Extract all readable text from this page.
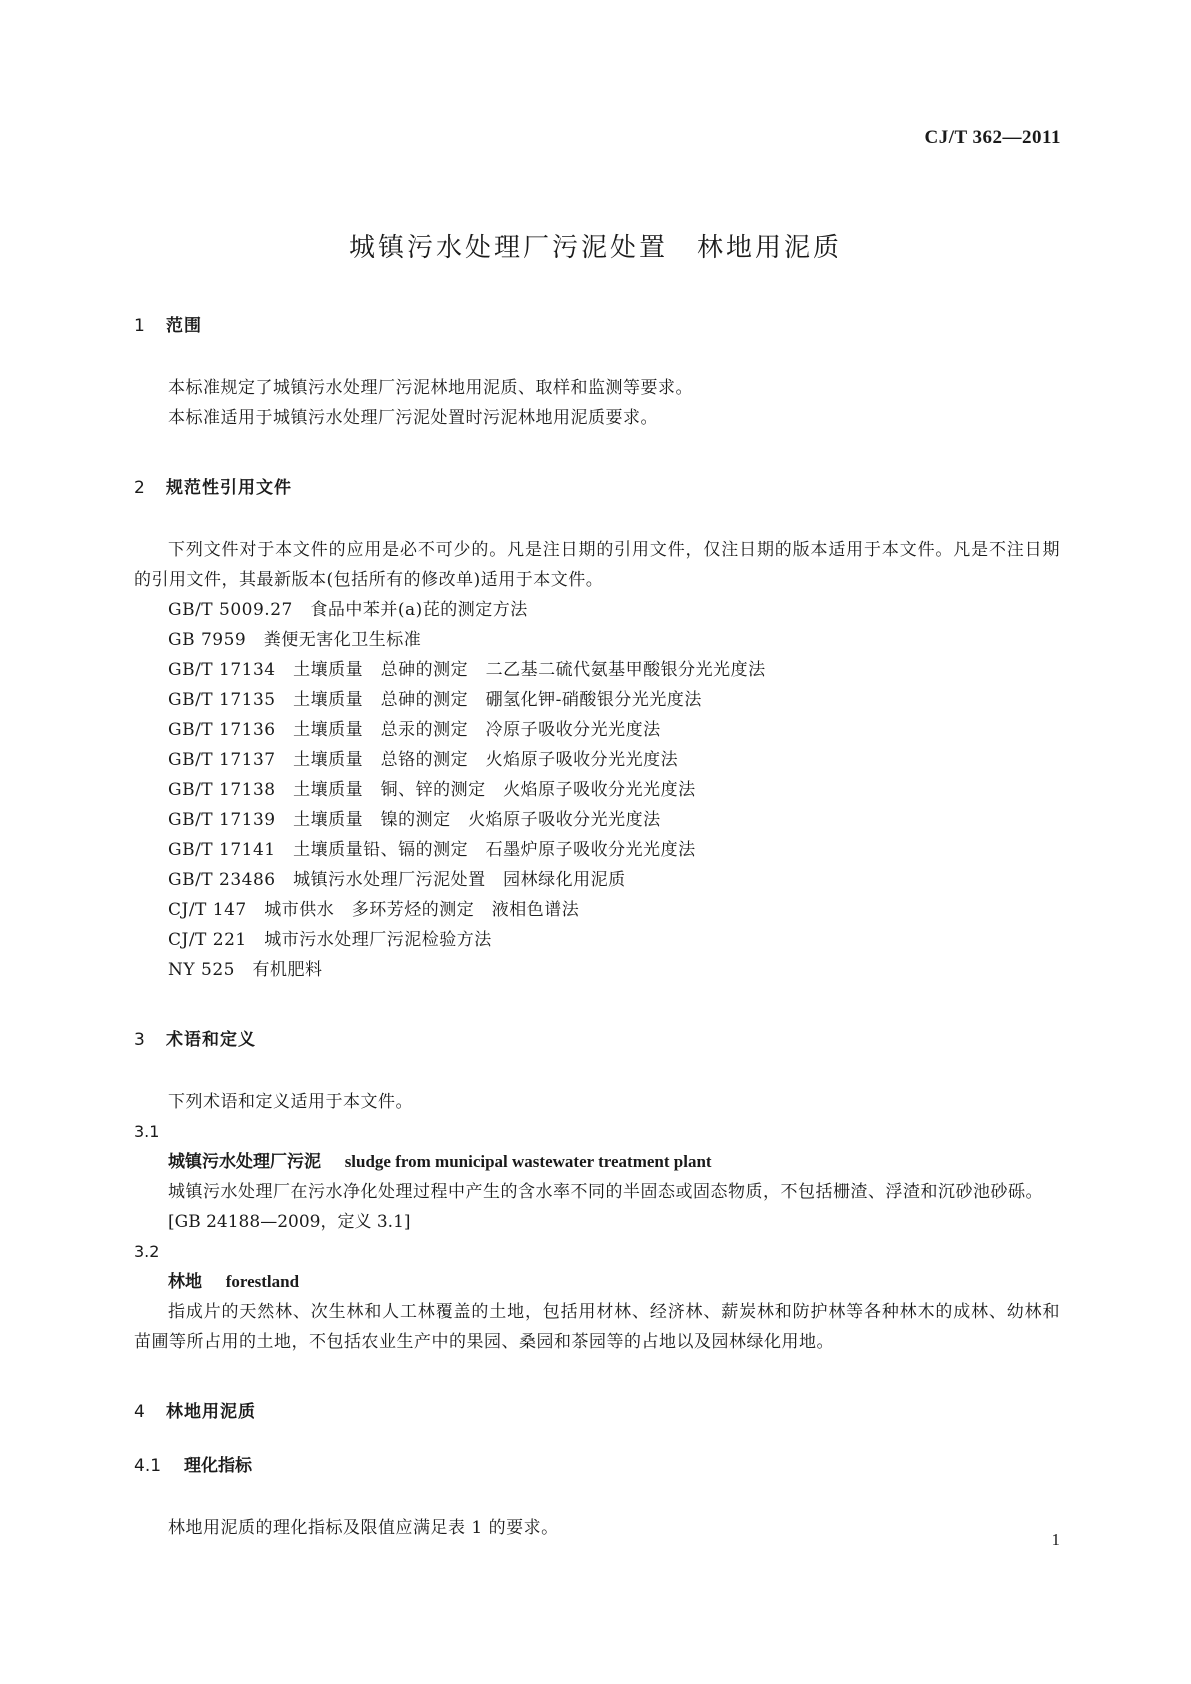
CJ/T 362—2011
城镇污水处理厂污泥处置　林地用泥质
1 范围
本标准规定了城镇污水处理厂污泥林地用泥质、取样和监测等要求。
本标准适用于城镇污水处理厂污泥处置时污泥林地用泥质要求。
2 规范性引用文件
下列文件对于本文件的应用是必不可少的。凡是注日期的引用文件，仅注日期的版本适用于本文件。凡是不注日期的引用文件，其最新版本(包括所有的修改单)适用于本文件。
GB/T 5009.27　食品中苯并(a)芘的测定方法
GB 7959　粪便无害化卫生标准
GB/T 17134　土壤质量　总砷的测定　二乙基二硫代氨基甲酸银分光光度法
GB/T 17135　土壤质量　总砷的测定　硼氢化钾-硝酸银分光光度法
GB/T 17136　土壤质量　总汞的测定　冷原子吸收分光光度法
GB/T 17137　土壤质量　总铬的测定　火焰原子吸收分光光度法
GB/T 17138　土壤质量　铜、锌的测定　火焰原子吸收分光光度法
GB/T 17139　土壤质量　镍的测定　火焰原子吸收分光光度法
GB/T 17141　土壤质量铅、镉的测定　石墨炉原子吸收分光光度法
GB/T 23486　城镇污水处理厂污泥处置　园林绿化用泥质
CJ/T 147　城市供水　多环芳烃的测定　液相色谱法
CJ/T 221　城市污水处理厂污泥检验方法
NY 525　有机肥料
3 术语和定义
下列术语和定义适用于本文件。
3.1
城镇污水处理厂污泥 sludge from municipal wastewater treatment plant
城镇污水处理厂在污水净化处理过程中产生的含水率不同的半固态或固态物质，不包括栅渣、浮渣和沉砂池砂砾。
[GB 24188—2009，定义 3.1]
3.2
林地 forestland
指成片的天然林、次生林和人工林覆盖的土地，包括用材林、经济林、薪炭林和防护林等各种林木的成林、幼林和苗圃等所占用的土地，不包括农业生产中的果园、桑园和茶园等的占地以及园林绿化用地。
4 林地用泥质
4.1 理化指标
林地用泥质的理化指标及限值应满足表 1 的要求。
1
